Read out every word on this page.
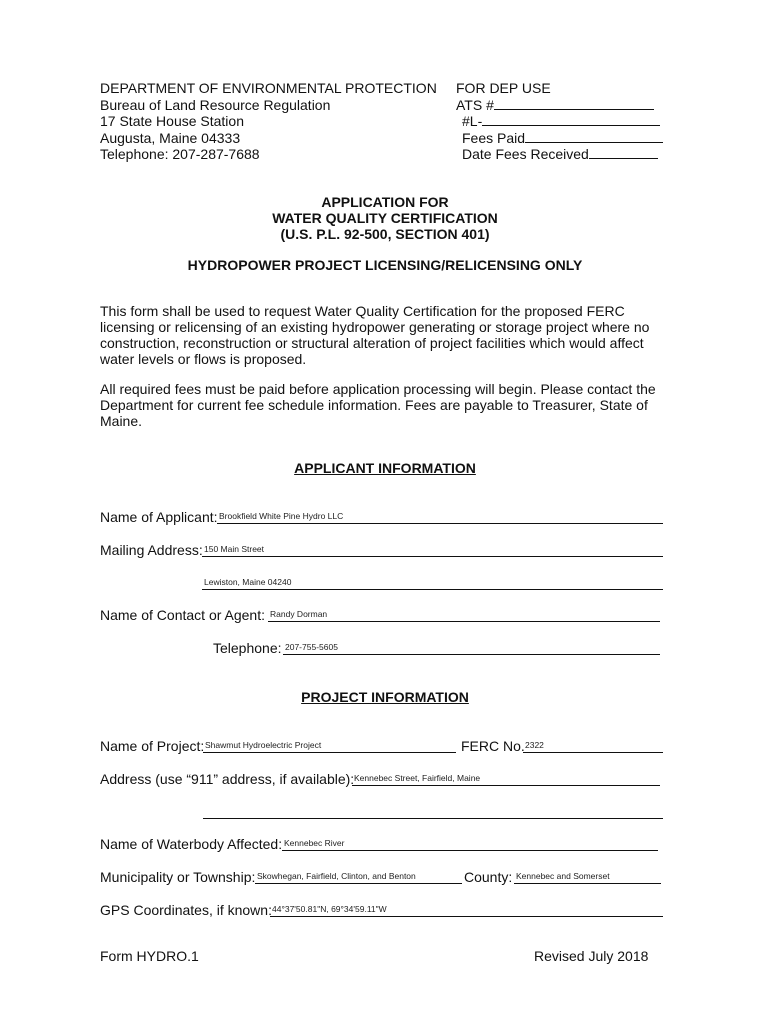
DEPARTMENT OF ENVIRONMENTAL PROTECTION
Bureau of Land Resource Regulation
17 State House Station
Augusta, Maine 04333
Telephone: 207-287-7688
FOR DEP USE
ATS #
#L-
Fees Paid
Date Fees Received
APPLICATION FOR
WATER QUALITY CERTIFICATION
(U.S. P.L. 92-500, SECTION 401)
HYDROPOWER PROJECT LICENSING/RELICENSING ONLY
This form shall be used to request Water Quality Certification for the proposed FERC licensing or relicensing of an existing hydropower generating or storage project where no construction, reconstruction or structural alteration of project facilities which would affect water levels or flows is proposed.
All required fees must be paid before application processing will begin. Please contact the Department for current fee schedule information. Fees are payable to Treasurer, State of Maine.
APPLICANT INFORMATION
Name of Applicant: Brookfield White Pine Hydro LLC
Mailing Address: 150 Main Street
Lewiston, Maine 04240
Name of Contact or Agent: Randy Dorman
Telephone: 207-755-5605
PROJECT INFORMATION
Name of Project: Shawmut Hydroelectric Project	FERC No. 2322
Address (use “911” address, if available): Kennebec Street, Fairfield, Maine
Name of Waterbody Affected: Kennebec River
Municipality or Township: Skowhegan, Fairfield, Clinton, and Benton	County: Kennebec and Somerset
GPS Coordinates, if known: 44°37'50.81"N, 69°34'59.11"W
Form HYDRO.1	Revised July 2018
